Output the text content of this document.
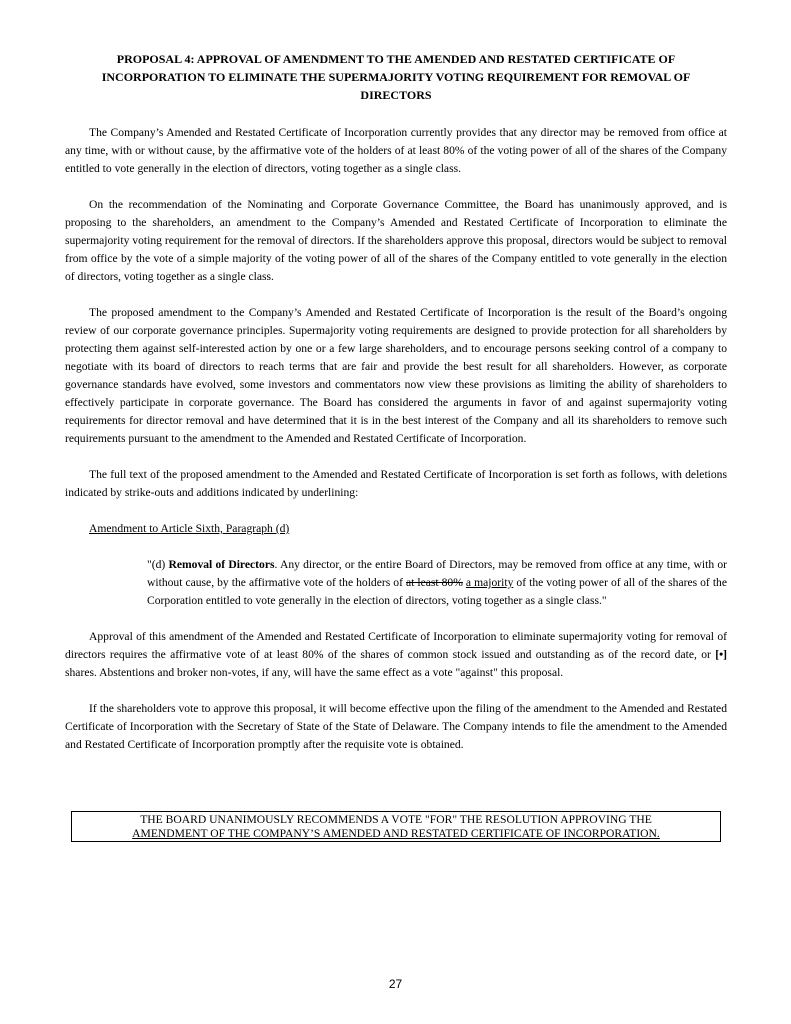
PROPOSAL 4: APPROVAL OF AMENDMENT TO THE AMENDED AND RESTATED CERTIFICATE OF INCORPORATION TO ELIMINATE THE SUPERMAJORITY VOTING REQUIREMENT FOR REMOVAL OF DIRECTORS

The Company’s Amended and Restated Certificate of Incorporation currently provides that any director may be removed from office at any time, with or without cause, by the affirmative vote of the holders of at least 80% of the voting power of all of the shares of the Company entitled to vote generally in the election of directors, voting together as a single class.

On the recommendation of the Nominating and Corporate Governance Committee, the Board has unanimously approved, and is proposing to the shareholders, an amendment to the Company’s Amended and Restated Certificate of Incorporation to eliminate the supermajority voting requirement for the removal of directors. If the shareholders approve this proposal, directors would be subject to removal from office by the vote of a simple majority of the voting power of all of the shares of the Company entitled to vote generally in the election of directors, voting together as a single class.

The proposed amendment to the Company’s Amended and Restated Certificate of Incorporation is the result of the Board’s ongoing review of our corporate governance principles. Supermajority voting requirements are designed to provide protection for all shareholders by protecting them against self-interested action by one or a few large shareholders, and to encourage persons seeking control of a company to negotiate with its board of directors to reach terms that are fair and provide the best result for all shareholders. However, as corporate governance standards have evolved, some investors and commentators now view these provisions as limiting the ability of shareholders to effectively participate in corporate governance. The Board has considered the arguments in favor of and against supermajority voting requirements for director removal and have determined that it is in the best interest of the Company and all its shareholders to remove such requirements pursuant to the amendment to the Amended and Restated Certificate of Incorporation.

The full text of the proposed amendment to the Amended and Restated Certificate of Incorporation is set forth as follows, with deletions indicated by strike-outs and additions indicated by underlining:

Amendment to Article Sixth, Paragraph (d)

"(d) Removal of Directors. Any director, or the entire Board of Directors, may be removed from office at any time, with or without cause, by the affirmative vote of the holders of at least 80% a majority of the voting power of all of the shares of the Corporation entitled to vote generally in the election of directors, voting together as a single class."

Approval of this amendment of the Amended and Restated Certificate of Incorporation to eliminate supermajority voting for removal of directors requires the affirmative vote of at least 80% of the shares of common stock issued and outstanding as of the record date, or [•] shares. Abstentions and broker non-votes, if any, will have the same effect as a vote "against" this proposal.

If the shareholders vote to approve this proposal, it will become effective upon the filing of the amendment to the Amended and Restated Certificate of Incorporation with the Secretary of State of the State of Delaware. The Company intends to file the amendment to the Amended and Restated Certificate of Incorporation promptly after the requisite vote is obtained.

THE BOARD UNANIMOUSLY RECOMMENDS A VOTE "FOR" THE RESOLUTION APPROVING THE
AMENDMENT OF THE COMPANY’S AMENDED AND RESTATED CERTIFICATE OF INCORPORATION.
27
